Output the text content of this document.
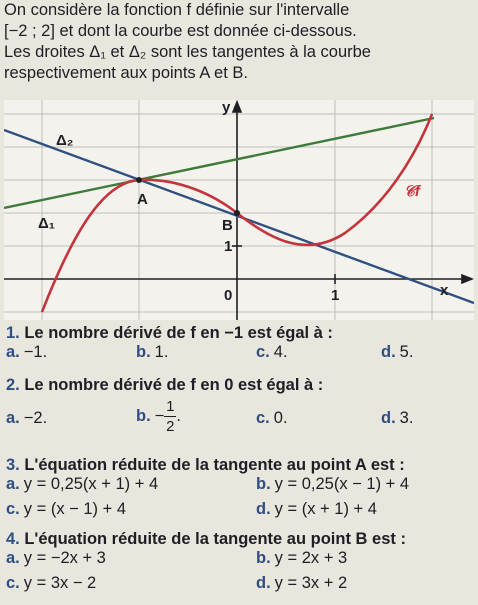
On considère la fonction f définie sur l'intervalle
[−2 ; 2] et dont la courbe est donnée ci-dessous.
Les droites Δ₁ et Δ₂ sont les tangentes à la courbe
respectivement aux points A et B.
y
x
A
B
1
0	1
Δ₁
Δ₂
𝒞f
1. Le nombre dérivé de f en −1 est égal à :
a. −1.	b. 1.	c. 4.	d. 5.
2. Le nombre dérivé de f en 0 est égal à :
a. −2.	b. − $\frac{1}{2}$ .	c. 0.	d. 3.
3. L'équation réduite de la tangente au point A est :
a. y = 0,25(x + 1) + 4	b. y = 0,25(x − 1) + 4
c. y = (x − 1) + 4	d. y = (x + 1) + 4
4. L'équation réduite de la tangente au point B est :
a. y = −2x + 3	b. y = 2x + 3
c. y = 3x − 2	d. y = 3x + 2
